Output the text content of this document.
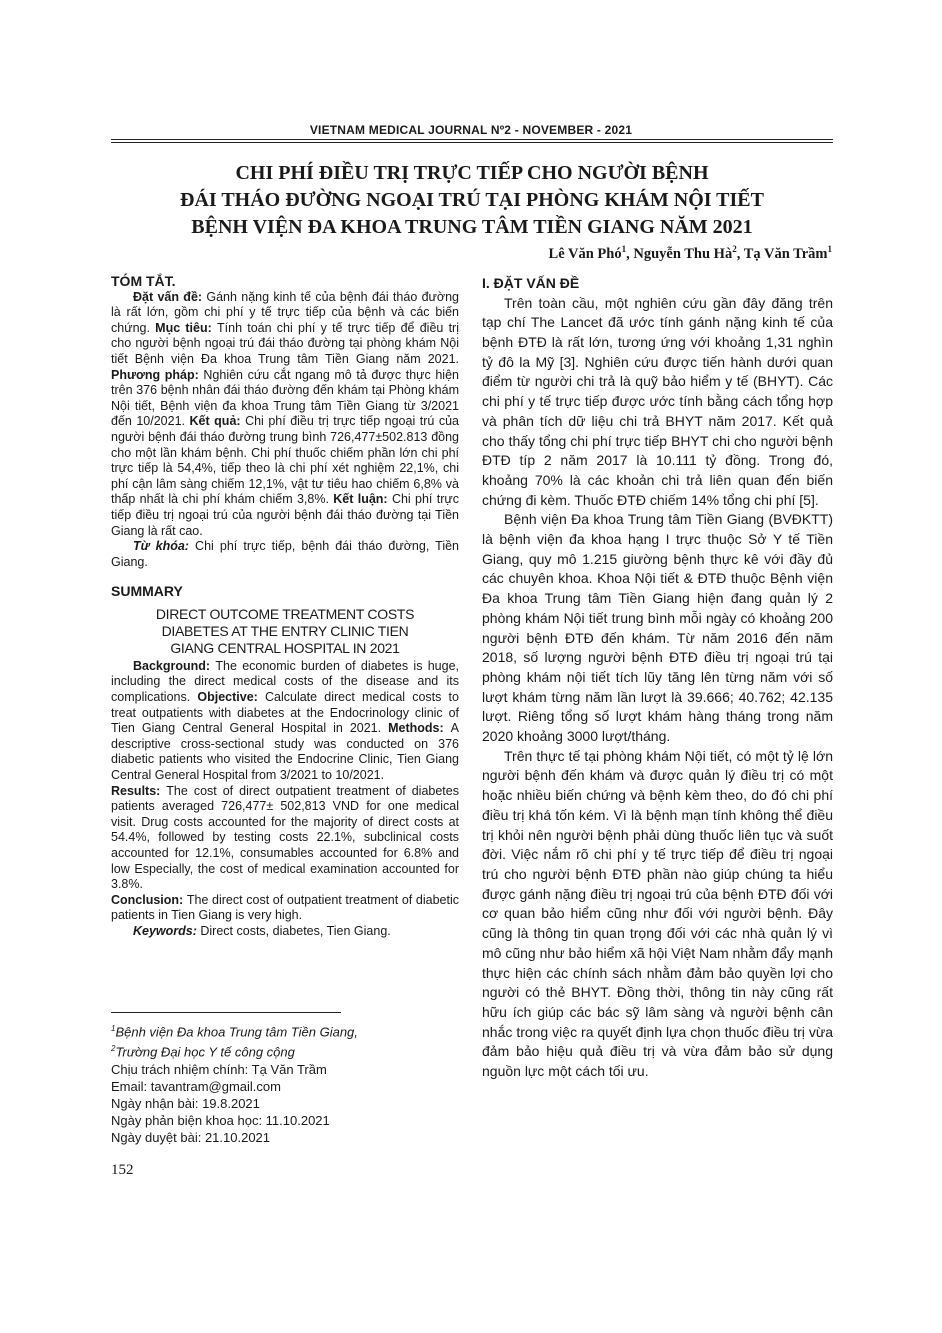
VIETNAM MEDICAL JOURNAL Nº2 - NOVEMBER - 2021
CHI PHÍ ĐIỀU TRỊ TRỰC TIẾP CHO NGƯỜI BỆNH
ĐÁI THÁO ĐƯỜNG NGOẠI TRÚ TẠI PHÒNG KHÁM NỘI TIẾT
BỆNH VIỆN ĐA KHOA TRUNG TÂM TIỀN GIANG NĂM 2021
Lê Văn Phó$^1$, Nguyễn Thu $Hà^2$, Tạ Văn Trầm$^1$

TÓM TẮT.

Đặt vấn đề: Gánh nặng kinh tế của bệnh đái tháo đường là rất lớn, gồm chi phí y tế trực tiếp của bệnh và các biến chứng. Mục tiêu: Tính toán chi phí y tế trực tiếp để điều trị cho người bệnh ngoại trú đái tháo đường tại phòng khám Nội tiết Bệnh viện Đa khoa Trung tâm Tiền Giang năm 2021. Phương pháp: Nghiên cứu cắt ngang mô tả được thực hiện trên 376 bệnh nhân đái tháo đường đến khám tại Phòng khám Nội tiết, Bệnh viện đa khoa Trung tâm Tiền Giang từ 3/2021 đến 10/2021. Kết quả: Chi phí điều trị trực tiếp ngoại trú của người bệnh đái tháo đường trung bình 726,477±502.813 đồng cho một lần khám bệnh. Chi phí thuốc chiếm phần lớn chi phí trực tiếp là 54,4%, tiếp theo là chi phí xét nghiệm 22,1%, chi phí cận lâm sàng chiếm 12,1%, vật tư tiêu hao chiếm 6,8% và thấp nhất là chi phí khám chiếm 3,8%. Kết luận: Chi phí trực tiếp điều trị ngoại trú của người bệnh đái tháo đường tại Tiền Giang là rất cao.

Từ khóa: Chi phí trực tiếp, bệnh đái tháo đường, Tiền Giang.

SUMMARY

DIRECT OUTCOME TREATMENT COSTS
DIABETES AT THE ENTRY CLINIC TIEN
GIANG CENTRAL HOSPITAL IN 2021

Background: The economic burden of diabetes is huge, including the direct medical costs of the disease and its complications. Objective: Calculate direct medical costs to treat outpatients with diabetes at the Endocrinology clinic of Tien Giang Central General Hospital in 2021. Methods: A descriptive cross-sectional study was conducted on 376 diabetic patients who visited the Endocrine Clinic, Tien Giang Central General Hospital from 3/2021 to 10/2021.
Results: The cost of direct outpatient treatment of diabetes patients averaged 726,477± 502,813 VND for one medical visit. Drug costs accounted for the majority of direct costs at 54.4%, followed by testing costs 22.1%, subclinical costs accounted for 12.1%, consumables accounted for 6.8% and low Especially, the cost of medical examination accounted for 3.8%.
Conclusion: The direct cost of outpatient treatment of diabetic patients in Tien Giang is very high.

Keywords: Direct costs, diabetes, Tien Giang.

$^1$Bệnh viện Đa khoa Trung tâm Tiền Giang,
$^2$Trường Đại học Y tế công cộng
Chịu trách nhiệm chính: Tạ Văn Trầm
Email: tavantram@gmail.com
Ngày nhận bài: 19.8.2021
Ngày phản biện khoa học: 11.10.2021
Ngày duyệt bài: 21.10.2021
152

I. ĐẶT VẤN ĐỀ

Trên toàn cầu, một nghiên cứu gần đây đăng trên tạp chí The Lancet đã ước tính gánh nặng kinh tế của bệnh ĐTĐ là rất lớn, tương ứng với khoảng 1,31 nghìn tỷ đô la Mỹ [3]. Nghiên cứu được tiến hành dưới quan điểm từ người chi trả là quỹ bảo hiểm y tế (BHYT). Các chi phí y tế trực tiếp được ước tính bằng cách tổng hợp và phân tích dữ liệu chi trả BHYT năm 2017. Kết quả cho thấy tổng chi phí trực tiếp BHYT chi cho người bệnh ĐTĐ típ 2 năm 2017 là 10.111 tỷ đồng. Trong đó, khoảng 70% là các khoản chi trả liên quan đến biến chứng đi kèm. Thuốc ĐTĐ chiếm 14% tổng chi phí [5].

Bệnh viện Đa khoa Trung tâm Tiền Giang (BVĐKTT) là bệnh viện đa khoa hạng I trực thuộc Sở Y tế Tiền Giang, quy mô 1.215 giường bệnh thực kê với đầy đủ các chuyên khoa. Khoa Nội tiết & ĐTĐ thuộc Bệnh viện Đa khoa Trung tâm Tiền Giang hiện đang quản lý 2 phòng khám Nội tiết trung bình mỗi ngày có khoảng 200 người bệnh ĐTĐ đến khám. Từ năm 2016 đến năm 2018, số lượng người bệnh ĐTĐ điều trị ngoại trú tại phòng khám nội tiết tích lũy tăng lên từng năm với số lượt khám từng năm lần lượt là 39.666; 40.762; 42.135 lượt. Riêng tổng số lượt khám hàng tháng trong năm 2020 khoảng 3000 lượt/tháng.

Trên thực tế tại phòng khám Nội tiết, có một tỷ lệ lớn người bệnh đến khám và được quản lý điều trị có một hoặc nhiều biến chứng và bệnh kèm theo, do đó chi phí điều trị khá tốn kém. Vì là bệnh mạn tính không thể điều trị khỏi nên người bệnh phải dùng thuốc liên tục và suốt đời. Việc nắm rõ chi phí y tế trực tiếp để điều trị ngoại trú cho người bệnh ĐTĐ phần nào giúp chúng ta hiểu được gánh nặng điều trị ngoại trú của bệnh ĐTĐ đối với cơ quan bảo hiểm cũng như đối với người bệnh. Đây cũng là thông tin quan trọng đối với các nhà quản lý vì mô cũng như bảo hiểm xã hội Việt Nam nhằm đẩy mạnh thực hiện các chính sách nhằm đảm bảo quyền lợi cho người có thẻ BHYT. Đồng thời, thông tin này cũng rất hữu ích giúp các bác sỹ lâm sàng và người bệnh cân nhắc trong việc ra quyết định lựa chọn thuốc điều trị vừa đảm bảo hiệu quả điều trị và vừa đảm bảo sử dụng nguồn lực một cách tối ưu.
